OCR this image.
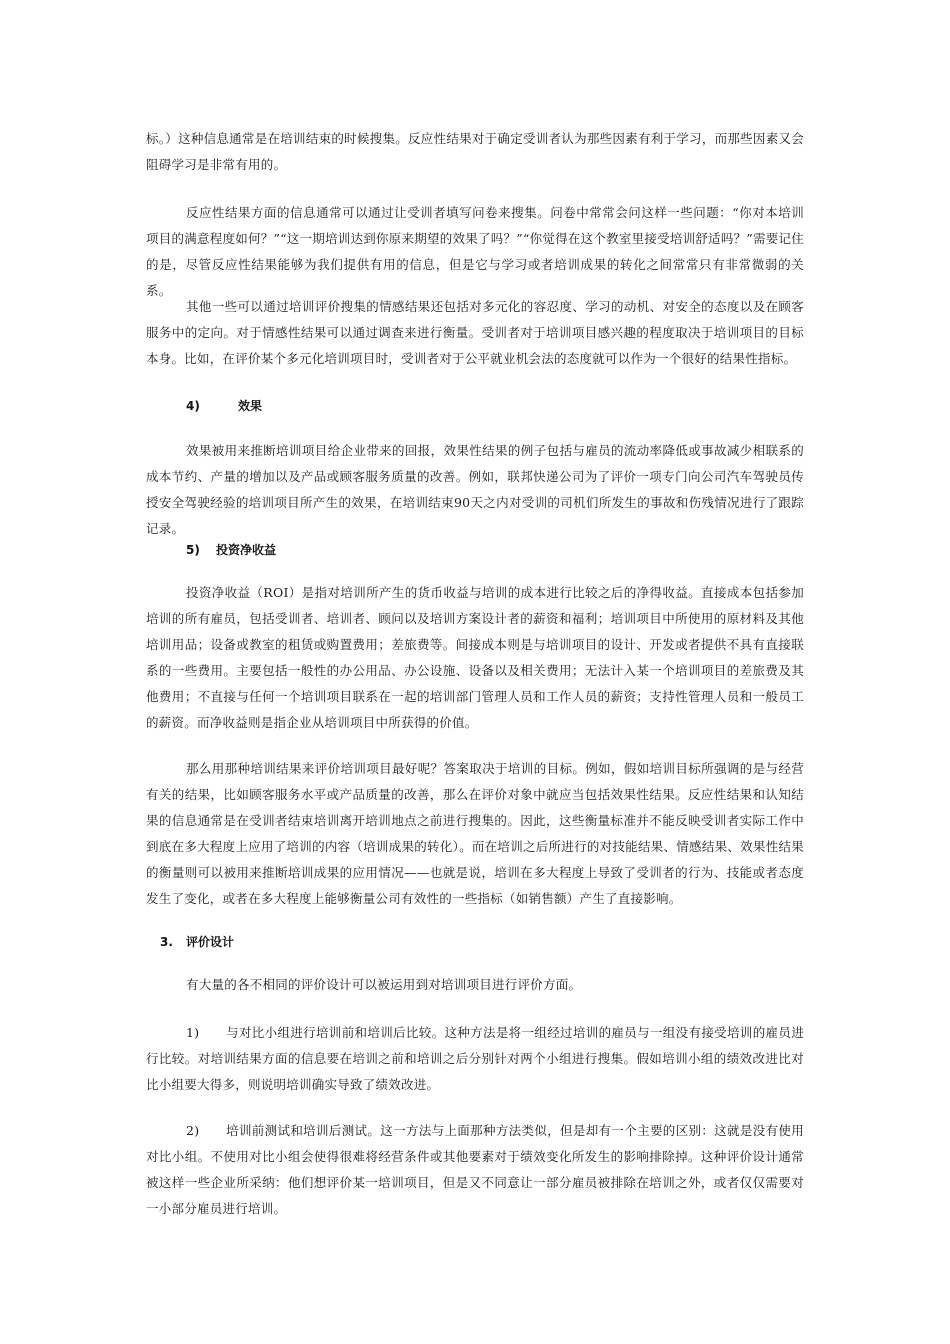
标。）这种信息通常是在培训结束的时候搜集。反应性结果对于确定受训者认为那些因素有利于学习，而那些因素又会阻碍学习是非常有用的。

反应性结果方面的信息通常可以通过让受训者填写问卷来搜集。问卷中常常会问这样一些问题：“你对本培训项目的满意程度如何？”“这一期培训达到你原来期望的效果了吗？”“你觉得在这个教室里接受培训舒适吗？”需要记住的是，尽管反应性结果能够为我们提供有用的信息，但是它与学习或者培训成果的转化之间常常只有非常微弱的关系。

其他一些可以通过培训评价搜集的情感结果还包括对多元化的容忍度、学习的动机、对安全的态度以及在顾客服务中的定向。对于情感性结果可以通过调查来进行衡量。受训者对于培训项目感兴趣的程度取决于培训项目的目标本身。比如，在评价某个多元化培训项目时，受训者对于公平就业机会法的态度就可以作为一个很好的结果性指标。

4)	效果

效果被用来推断培训项目给企业带来的回报，效果性结果的例子包括与雇员的流动率降低或事故减少相联系的成本节约、产量的增加以及产品或顾客服务质量的改善。例如，联邦快递公司为了评价一项专门向公司汽车驾驶员传授安全驾驶经验的培训项目所产生的效果，在培训结束90天之内对受训的司机们所发生的事故和伤残情况进行了跟踪记录。

5) 投资净收益

投资净收益（ROI）是指对培训所产生的货币收益与培训的成本进行比较之后的净得收益。直接成本包括参加培训的所有雇员，包括受训者、培训者、顾问以及培训方案设计者的薪资和福利；培训项目中所使用的原材料及其他培训用品；设备或教室的租赁或购置费用；差旅费等。间接成本则是与培训项目的设计、开发或者提供不具有直接联系的一些费用。主要包括一般性的办公用品、办公设施、设备以及相关费用；无法计入某一个培训项目的差旅费及其他费用；不直接与任何一个培训项目联系在一起的培训部门管理人员和工作人员的薪资；支持性管理人员和一般员工的薪资。而净收益则是指企业从培训项目中所获得的价值。

那么用那种培训结果来评价培训项目最好呢？答案取决于培训的目标。例如，假如培训目标所强调的是与经营有关的结果，比如顾客服务水平或产品质量的改善，那么在评价对象中就应当包括效果性结果。反应性结果和认知结果的信息通常是在受训者结束培训离开培训地点之前进行搜集的。因此，这些衡量标准并不能反映受训者实际工作中到底在多大程度上应用了培训的内容（培训成果的转化）。而在培训之后所进行的对技能结果、情感结果、效果性结果的衡量则可以被用来推断培训成果的应用情况——也就是说，培训在多大程度上导致了受训者的行为、技能或者态度发生了变化，或者在多大程度上能够衡量公司有效性的一些指标（如销售额）产生了直接影响。

3. 评价设计

有大量的各不相同的评价设计可以被运用到对培训项目进行评价方面。

1) 与对比小组进行培训前和培训后比较。这种方法是将一组经过培训的雇员与一组没有接受培训的雇员进行比较。对培训结果方面的信息要在培训之前和培训之后分别针对两个小组进行搜集。假如培训小组的绩效改进比对比小组要大得多，则说明培训确实导致了绩效改进。

2) 培训前测试和培训后测试。这一方法与上面那种方法类似，但是却有一个主要的区别：这就是没有使用对比小组。不使用对比小组会使得很难将经营条件或其他要素对于绩效变化所发生的影响排除掉。这种评价设计通常被这样一些企业所采纳：他们想评价某一培训项目，但是又不同意让一部分雇员被排除在培训之外，或者仅仅需要对一小部分雇员进行培训。
